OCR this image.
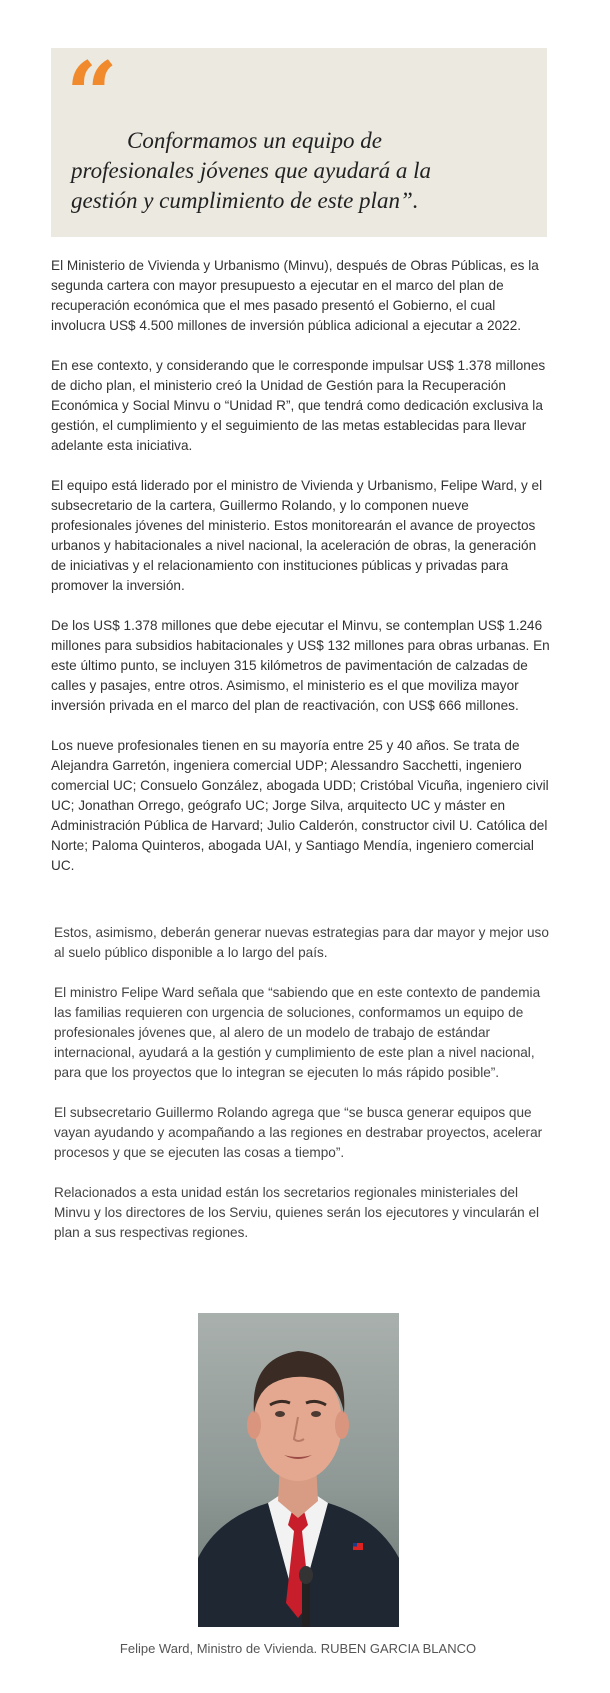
“ Conformamos un equipo de profesionales jóvenes que ayudará a la gestión y cumplimiento de este plan”.

El Ministerio de Vivienda y Urbanismo (Minvu), después de Obras Públicas, es la segunda cartera con mayor presupuesto a ejecutar en el marco del plan de recuperación económica que el mes pasado presentó el Gobierno, el cual involucra US$ 4.500 millones de inversión pública adicional a ejecutar a 2022.

En ese contexto, y considerando que le corresponde impulsar US$ 1.378 millones de dicho plan, el ministerio creó la Unidad de Gestión para la Recuperación Económica y Social Minvu o “Unidad R”, que tendrá como dedicación exclusiva la gestión, el cumplimiento y el seguimiento de las metas establecidas para llevar adelante esta iniciativa.

El equipo está liderado por el ministro de Vivienda y Urbanismo, Felipe Ward, y el subsecretario de la cartera, Guillermo Rolando, y lo componen nueve profesionales jóvenes del ministerio. Estos monitorearán el avance de proyectos urbanos y habitacionales a nivel nacional, la aceleración de obras, la generación de iniciativas y el relacionamiento con instituciones públicas y privadas para promover la inversión.

De los US$ 1.378 millones que debe ejecutar el Minvu, se contemplan US$ 1.246 millones para subsidios habitacionales y US$ 132 millones para obras urbanas. En este último punto, se incluyen 315 kilómetros de pavimentación de calzadas de calles y pasajes, entre otros. Asimismo, el ministerio es el que moviliza mayor inversión privada en el marco del plan de reactivación, con US$ 666 millones.

Los nueve profesionales tienen en su mayoría entre 25 y 40 años. Se trata de Alejandra Garretón, ingeniera comercial UDP; Alessandro Sacchetti, ingeniero comercial UC; Consuelo González, abogada UDD; Cristóbal Vicuña, ingeniero civil UC; Jonathan Orrego, geógrafo UC; Jorge Silva, arquitecto UC y máster en Administración Pública de Harvard; Julio Calderón, constructor civil U. Católica del Norte; Paloma Quinteros, abogada UAI, y Santiago Mendía, ingeniero comercial UC.

Estos, asimismo, deberán generar nuevas estrategias para dar mayor y mejor uso al suelo público disponible a lo largo del país.

El ministro Felipe Ward señala que “sabiendo que en este contexto de pandemia las familias requieren con urgencia de soluciones, conformamos un equipo de profesionales jóvenes que, al alero de un modelo de trabajo de estándar internacional, ayudará a la gestión y cumplimiento de este plan a nivel nacional, para que los proyectos que lo integran se ejecuten lo más rápido posible”.

El subsecretario Guillermo Rolando agrega que “se busca generar equipos que vayan ayudando y acompañando a las regiones en destrabar proyectos, acelerar procesos y que se ejecuten las cosas a tiempo”.

Relacionados a esta unidad están los secretarios regionales ministeriales del Minvu y los directores de los Serviu, quienes serán los ejecutores y vincularán el plan a sus respectivas regiones.

Felipe Ward, Ministro de Vivienda. RUBEN GARCIA BLANCO
